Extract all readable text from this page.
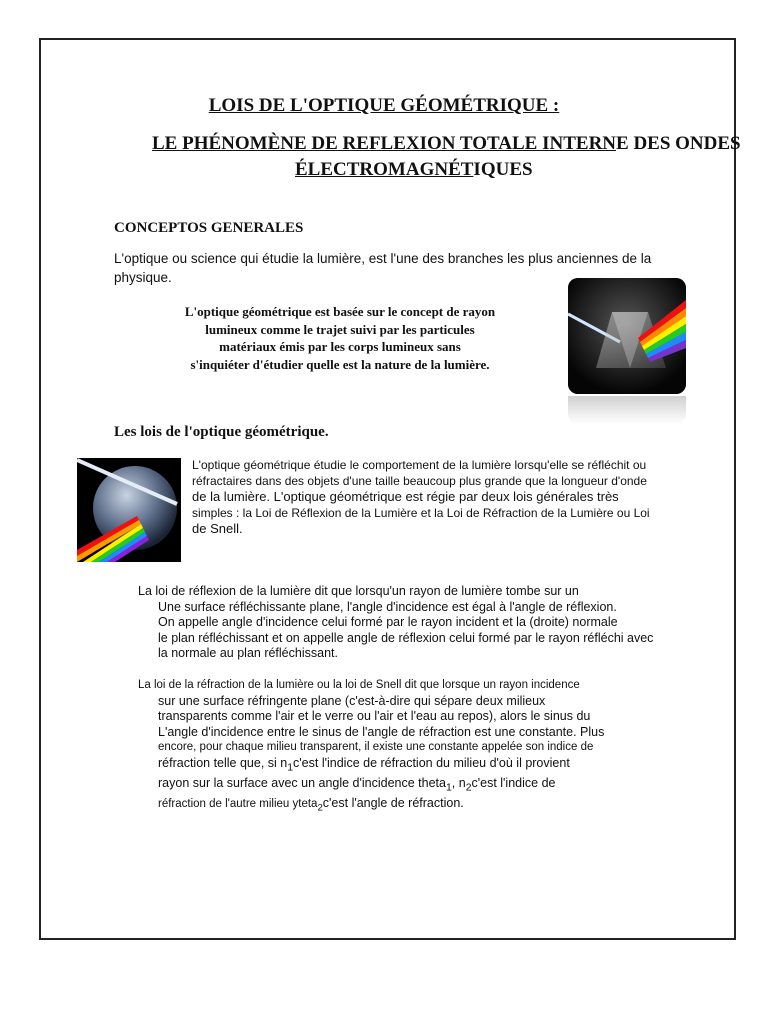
LOIS DE L'OPTIQUE GÉOMÉTRIQUE :
LE PHÉNOMÈNE DE REFLEXION TOTALE INTERNE DES ONDES
ÉLECTROMAGNÉTIQUES
CONCEPTOS GENERALES
L'optique ou science qui étudie la lumière, est l'une des branches les plus anciennes de la physique.
L'optique géométrique est basée sur le concept de rayon
lumineux comme le trajet suivi par les particules
matériaux émis par les corps lumineux sans
s'inquiéter d'étudier quelle est la nature de la lumière.
Les lois de l'optique géométrique.
L'optique géométrique étudie le comportement de la lumière lorsqu'elle se réfléchit ou
réfractaires dans des objets d'une taille beaucoup plus grande que la longueur d'onde
de la lumière. L'optique géométrique est régie par deux lois générales très
simples : la Loi de Réflexion de la Lumière et la Loi de Réfraction de la Lumière ou Loi
de Snell.
La loi de réflexion de la lumière dit que lorsqu'un rayon de lumière tombe sur un
Une surface réfléchissante plane, l'angle d'incidence est égal à l'angle de réflexion.
On appelle angle d'incidence celui formé par le rayon incident et la (droite) normale
le plan réfléchissant et on appelle angle de réflexion celui formé par le rayon réfléchi avec
la normale au plan réfléchissant.
La loi de la réfraction de la lumière ou la loi de Snell dit que lorsque un rayon incidence
sur une surface réfringente plane (c'est-à-dire qui sépare deux milieux
transparents comme l'air et le verre ou l'air et l'eau au repos), alors le sinus du
L'angle d'incidence entre le sinus de l'angle de réfraction est une constante. Plus
encore, pour chaque milieu transparent, il existe une constante appelée son indice de
réfraction telle que, si $n_1c'est$ l'indice de réfraction du milieu d'où il provient
rayon sur la surface avec un angle d'incidence theta$_1$, $n_2c'est$ l'indice de
réfraction de l'autre milieu yteta$_2$c'est l'angle de réfraction.
